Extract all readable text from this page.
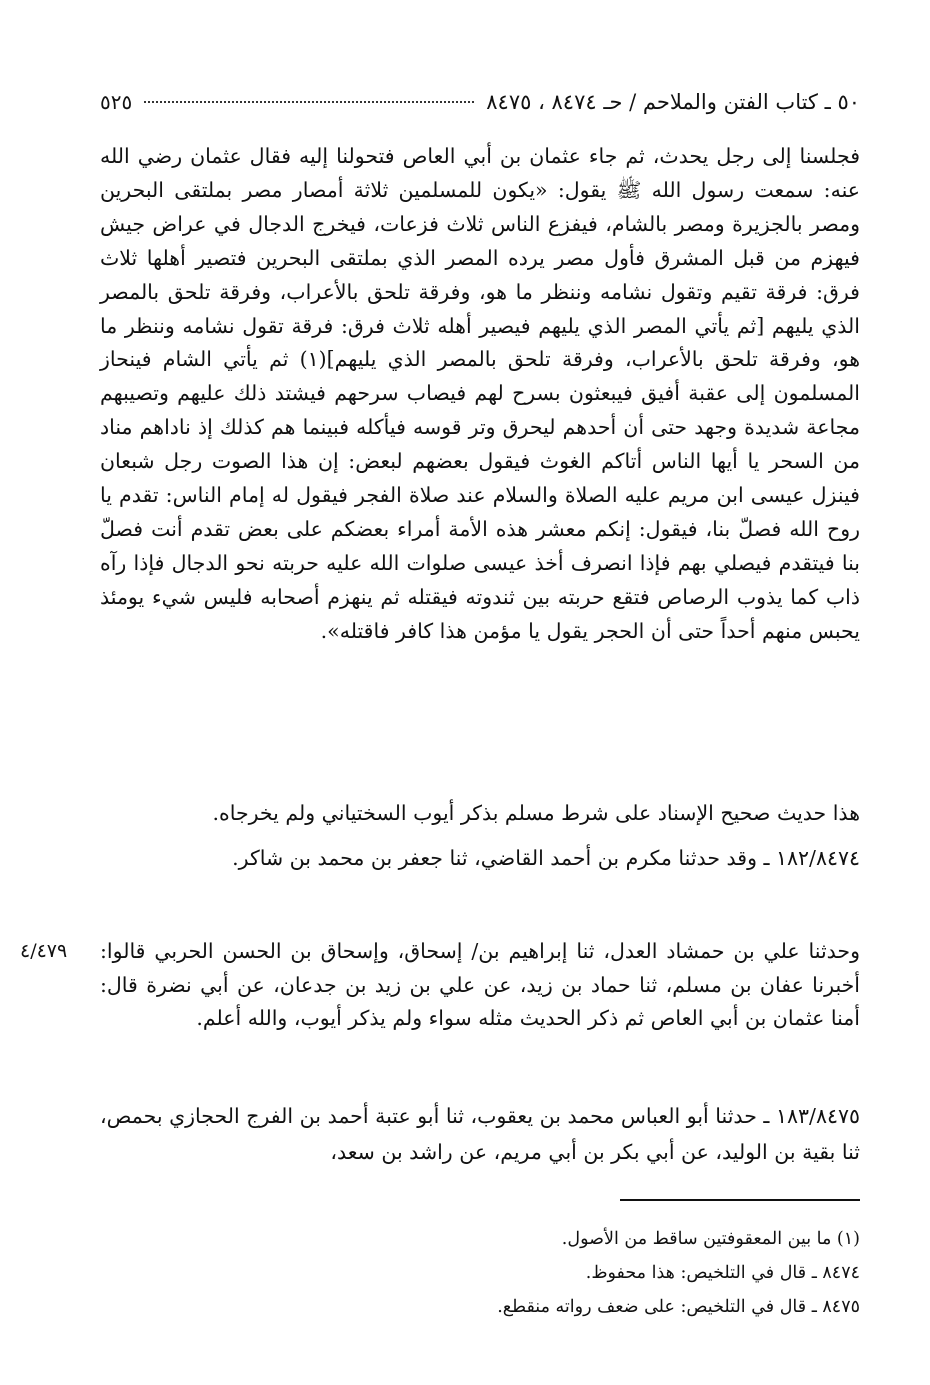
٥٠ ـ كتاب الفتن والملاحم / حـ ٨٤٧٤ ، ٨٤٧٥
٥٢٥
فجلسنا إلى رجل يحدث، ثم جاء عثمان بن أبي العاص فتحولنا إليه فقال عثمان رضي الله عنه: سمعت رسول الله ﷺ يقول: «يكون للمسلمين ثلاثة أمصار مصر بملتقى البحرين ومصر بالجزيرة ومصر بالشام، فيفزع الناس ثلاث فزعات، فيخرج الدجال في عراض جيش فيهزم من قبل المشرق فأول مصر يرده المصر الذي بملتقى البحرين فتصير أهلها ثلاث فرق: فرقة تقيم وتقول نشامه وننظر ما هو، وفرقة تلحق بالأعراب، وفرقة تلحق بالمصر الذي يليهم [ثم يأتي المصر الذي يليهم فيصير أهله ثلاث فرق: فرقة تقول نشامه وننظر ما هو، وفرقة تلحق بالأعراب، وفرقة تلحق بالمصر الذي يليهم](١) ثم يأتي الشام فينحاز المسلمون إلى عقبة أفيق فيبعثون بسرح لهم فيصاب سرحهم فيشتد ذلك عليهم وتصيبهم مجاعة شديدة وجهد حتى أن أحدهم ليحرق وتر قوسه فيأكله فبينما هم كذلك إذ ناداهم مناد من السحر يا أيها الناس أتاكم الغوث فيقول بعضهم لبعض: إن هذا الصوت رجل شبعان فينزل عيسى ابن مريم عليه الصلاة والسلام عند صلاة الفجر فيقول له إمام الناس: تقدم يا روح الله فصلّ بنا، فيقول: إنكم معشر هذه الأمة أمراء بعضكم على بعض تقدم أنت فصلّ بنا فيتقدم فيصلي بهم فإذا انصرف أخذ عيسى صلوات الله عليه حربته نحو الدجال فإذا رآه ذاب كما يذوب الرصاص فتقع حربته بين ثندوته فيقتله ثم ينهزم أصحابه فليس شيء يومئذ يحبس منهم أحداً حتى أن الحجر يقول يا مؤمن هذا كافر فاقتله».
هذا حديث صحيح الإسناد على شرط مسلم بذكر أيوب السختياني ولم يخرجاه.
١٨٢/٨٤٧٤ ـ وقد حدثنا مكرم بن أحمد القاضي، ثنا جعفر بن محمد بن شاكر.
٤/٤٧٩ وحدثنا علي بن حمشاد العدل، ثنا إبراهيم بن/ إسحاق، وإسحاق بن الحسن الحربي قالوا: أخبرنا عفان بن مسلم، ثنا حماد بن زيد، عن علي بن زيد بن جدعان، عن أبي نضرة قال: أمنا عثمان بن أبي العاص ثم ذكر الحديث مثله سواء ولم يذكر أيوب، والله أعلم.
١٨٣/٨٤٧٥ ـ حدثنا أبو العباس محمد بن يعقوب، ثنا أبو عتبة أحمد بن الفرج الحجازي بحمص، ثنا بقية بن الوليد، عن أبي بكر بن أبي مريم، عن راشد بن سعد،
(١) ما بين المعقوفتين ساقط من الأصول.
٨٤٧٤ ـ قال في التلخيص: هذا محفوظ.
٨٤٧٥ ـ قال في التلخيص: على ضعف رواته منقطع.
